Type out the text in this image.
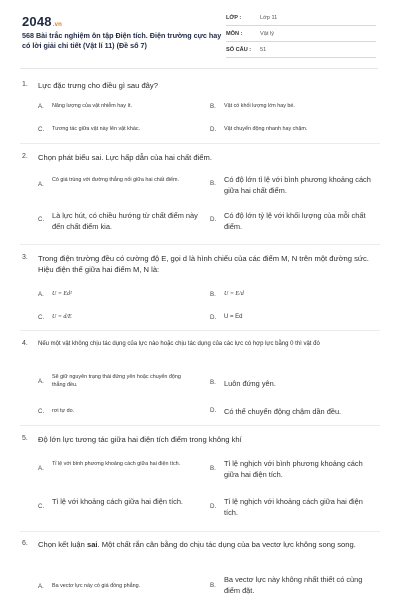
2048.vn
568 Bài trắc nghiệm ôn tập Điện tích. Điện trường cực hay có lời giải chi tiết (Vật lí 11) (Đề số 7)
LỚP :	Lớp 11
MÔN :	Vật lý
SỐ CÂU : 51
1. Lực đặc trưng cho điều gì sau đây?
A. Năng lượng của vật nhiễm hay ít.	B. Vật có khối lượng lớn hay bé.
C. Tương tác giữa vật này lên vật khác.	D. Vật chuyển động nhanh hay chậm.
2. Chọn phát biểu sai. Lực hấp dẫn của hai chất điểm.
A.
Có giá trùng với đường thẳng nối giữa hai chất điểm.	B. Có độ lớn tỉ lệ với bình phương khoảng cách giữa hai chất điểm.
C. Là lực hút, có chiều hướng từ chất điểm này đến chất điểm kia.
D. Có độ lớn tỷ lệ với khối lượng của mỗi chất điểm.
3. Trong điện trường đều có cường độ E, gọi d là hình chiếu của các điểm M, N trên một đường sức. Hiệu điện thế giữa hai điểm M, N là:
A. U = Ed²	B. U = E/d
C. U = d/E	D. U = Ed
4. Nếu một vật không chịu tác dụng của lực nào hoặc chịu tác dụng của các lực có hợp lực bằng 0 thì vật đó
A.
Sẽ giữ nguyên trạng thái đứng yên hoặc chuyển động thẳng đều.	B. Luôn đứng yên.
C. rơi tự do.	D. Có thể chuyển động chậm dần đều.
5. Độ lớn lực tương tác giữa hai điện tích điểm trong không khí
A.
Tỉ lệ với bình phương khoảng cách giữa hai điện tích.
B.
Tỉ lệ nghịch với bình phương khoảng cách giữa hai điện tích.
C.
Tỉ lệ với khoảng cách giữa hai điện tích.
D.
Tỉ lệ nghịch với khoảng cách giữa hai điện tích.
6. Chọn kết luận sai. Một chất rắn cân bằng do chịu tác dụng của ba vectơ lực không song song.
A. Ba vectơ lực này có giá đồng phẳng.	B.
Ba vectơ lực này không nhất thiết có cùng điểm đặt.
